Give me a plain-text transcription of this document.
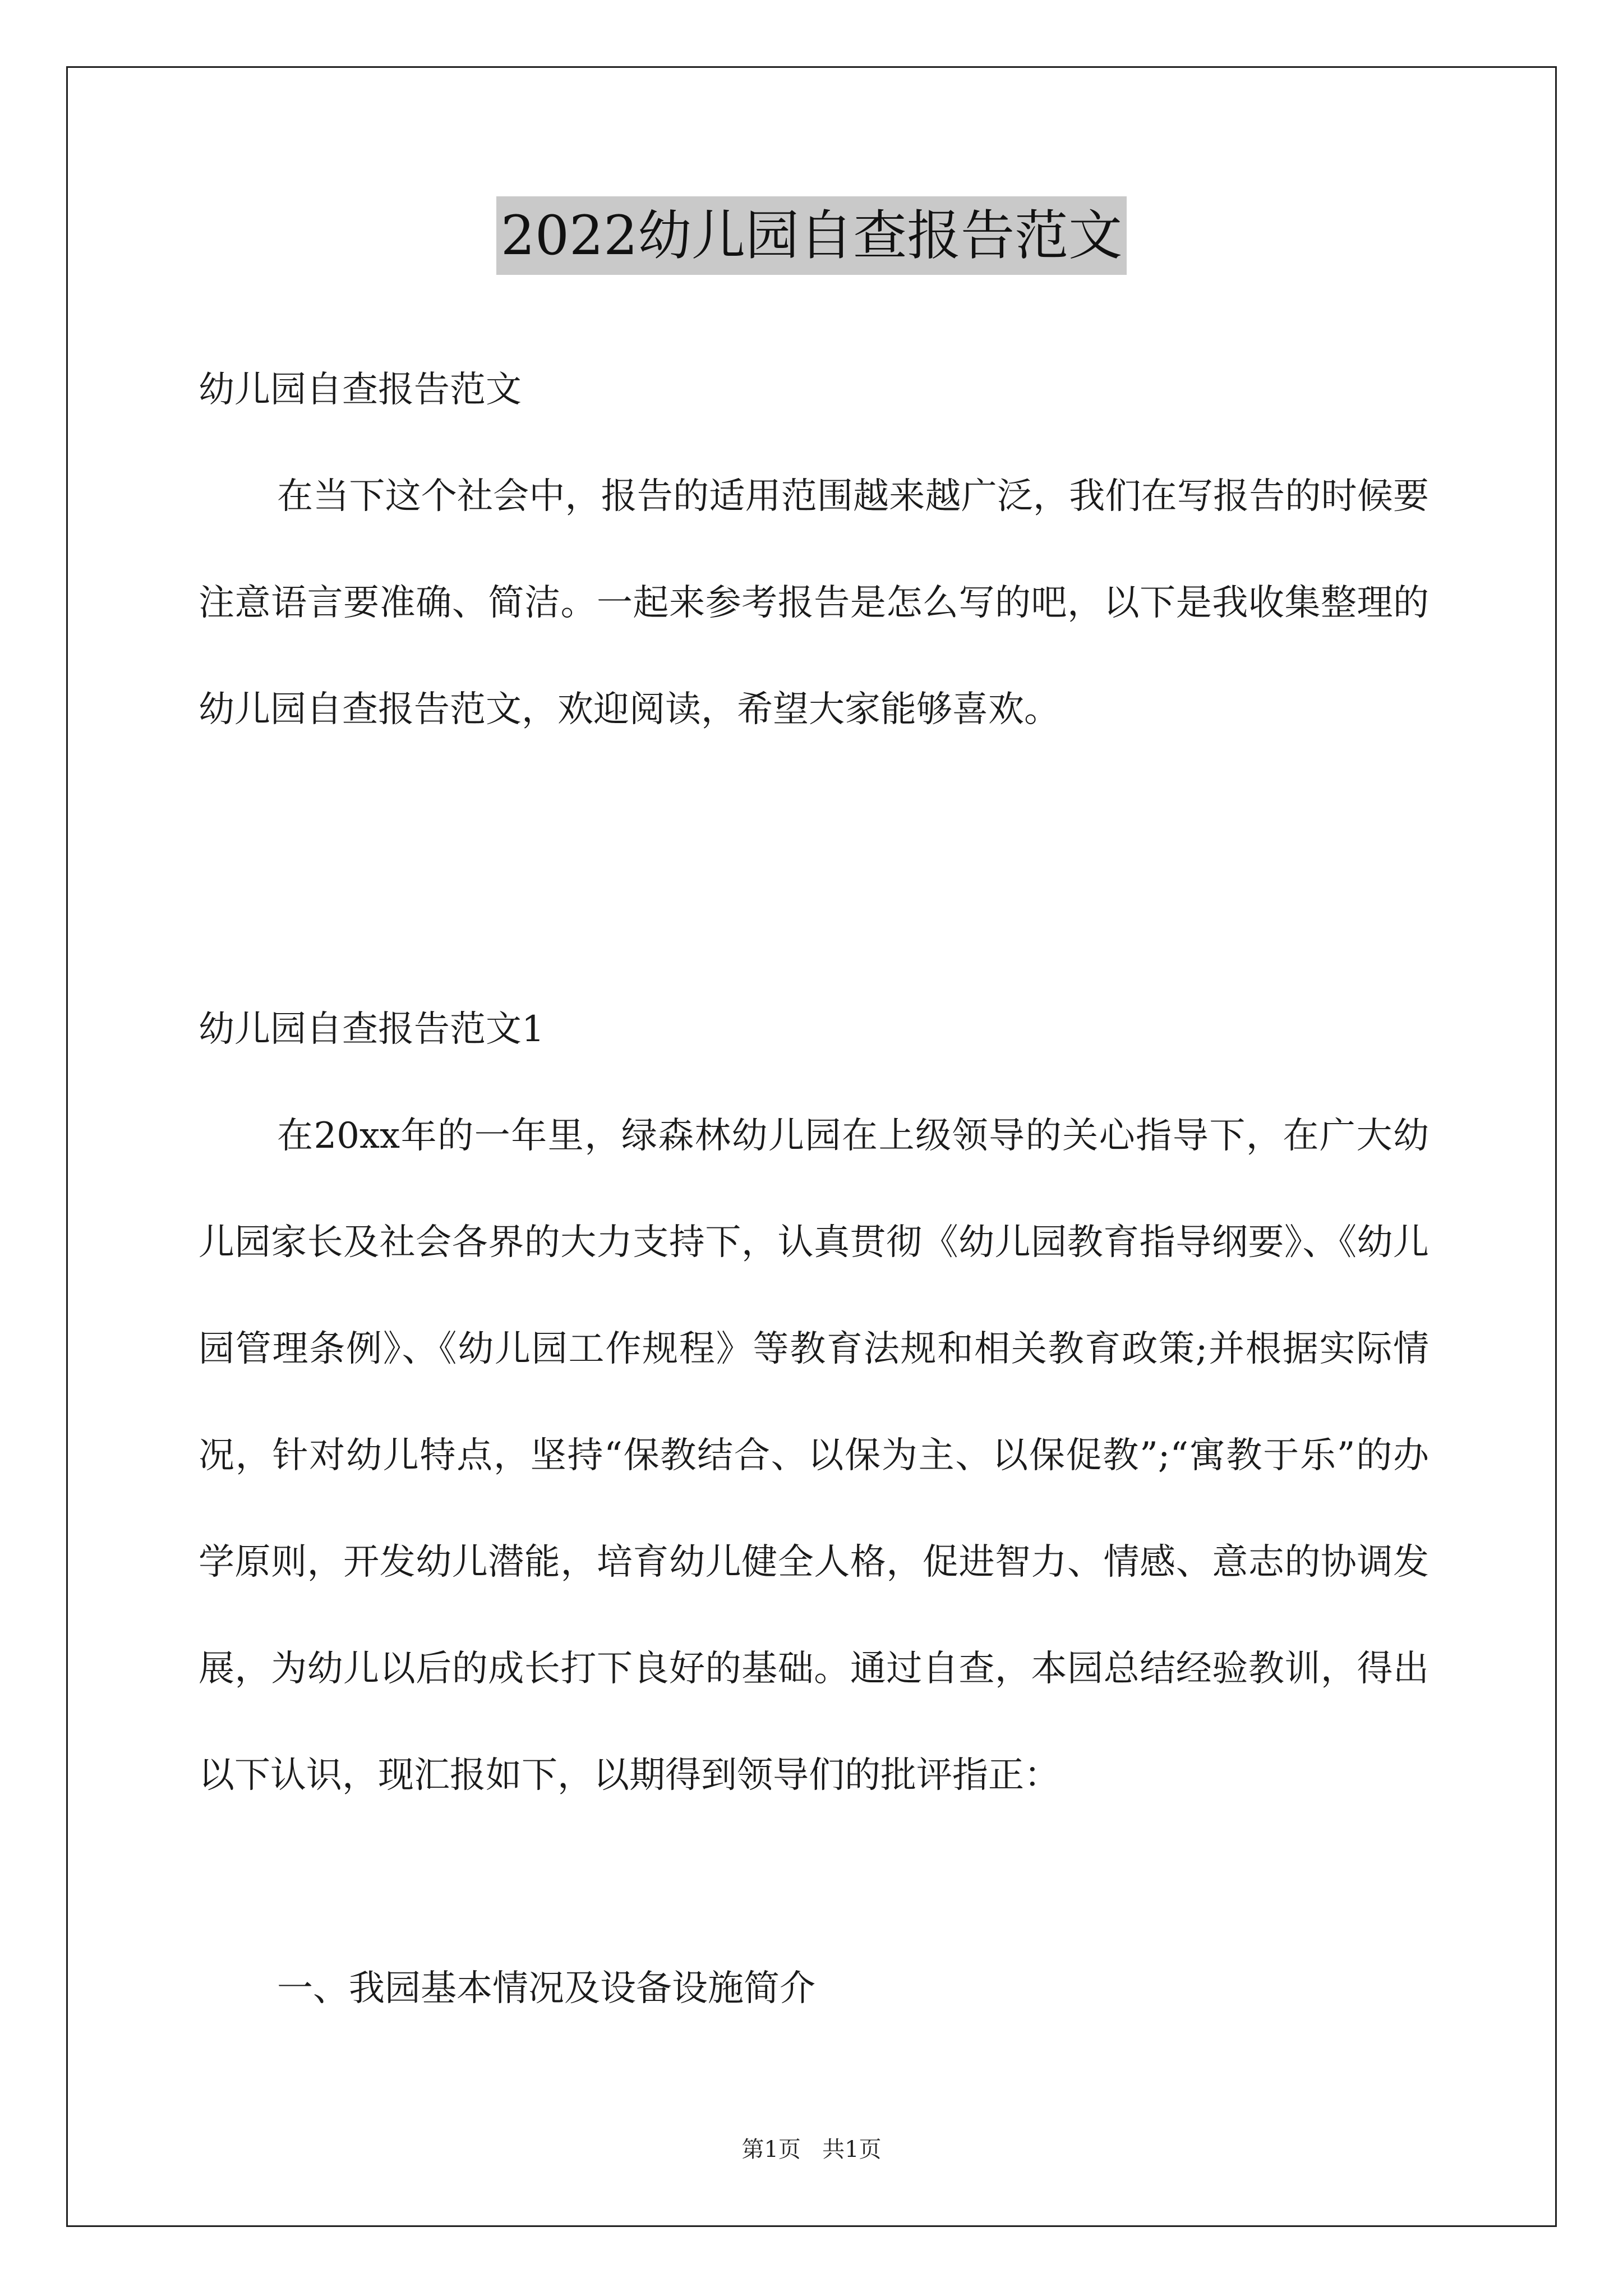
2022幼儿园自查报告范文

幼儿园自查报告范文

在当下这个社会中，报告的适用范围越来越广泛，我们在写报告的时候要注意语言要准确、简洁。一起来参考报告是怎么写的吧，以下是我收集整理的幼儿园自查报告范文，欢迎阅读，希望大家能够喜欢。

幼儿园自查报告范文1

在20xx年的一年里，绿森林幼儿园在上级领导的关心指导下，在广大幼儿园家长及社会各界的大力支持下，认真贯彻《幼儿园教育指导纲要》、《幼儿园管理条例》、《幼儿园工作规程》等教育法规和相关教育政策;并根据实际情况，针对幼儿特点，坚持“保教结合、以保为主、以保促教”;“寓教于乐”的办学原则，开发幼儿潜能，培育幼儿健全人格，促进智力、情感、意志的协调发展，为幼儿以后的成长打下良好的基础。通过自查，本园总结经验教训，得出以下认识，现汇报如下，以期得到领导们的批评指正：

一、我园基本情况及设备设施简介

第1页 共1页
